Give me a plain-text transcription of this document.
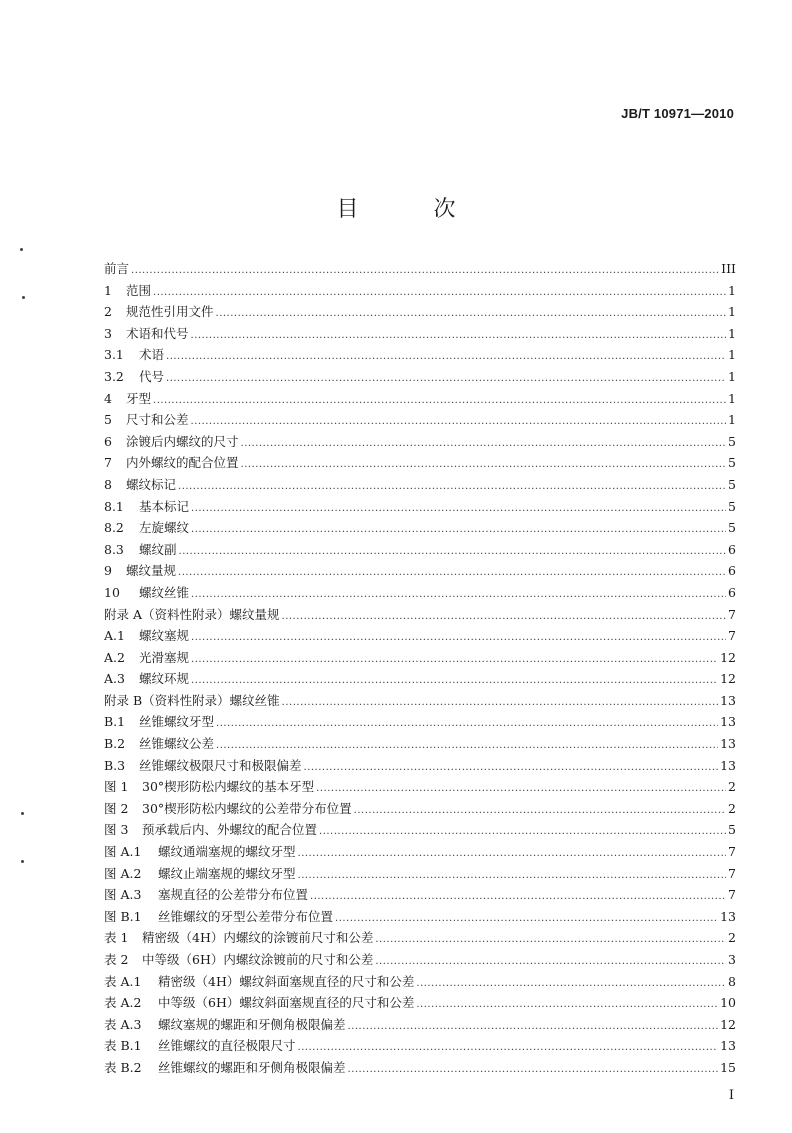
JB/T 10971—2010
目 次
前言 .....	III
1	范围 .....	1
2	规范性引用文件 .....	1
3	术语和代号 .....	1
3.1	术语 .....	1
3.2	代号 .....	1
4	牙型 .....	1
5	尺寸和公差 .....	1
6	涂镀后内螺纹的尺寸 .....	5
7	内外螺纹的配合位置 .....	5
8	螺纹标记 .....	5
8.1	基本标记 .....	5
8.2	左旋螺纹 .....	5
8.3	螺纹副 .....	6
9	螺纹量规 .....	6
10	螺纹丝锥 .....	6
附录 A（资料性附录）螺纹量规 .....	7
A.1	螺纹塞规 .....	7
A.2	光滑塞规 .....	12
A.3	螺纹环规 .....	12
附录 B（资料性附录）螺纹丝锥 .....	13
B.1	丝锥螺纹牙型 .....	13
B.2	丝锥螺纹公差 .....	13
B.3	丝锥螺纹极限尺寸和极限偏差 .....	13
图 1	30°楔形防松内螺纹的基本牙型 .....	2
图 2	30°楔形防松内螺纹的公差带分布位置 .....	2
图 3	预承载后内、外螺纹的配合位置 .....	5
图 A.1	螺纹通端塞规的螺纹牙型 .....	7
图 A.2	螺纹止端塞规的螺纹牙型 .....	7
图 A.3	塞规直径的公差带分布位置 .....	7
图 B.1	丝锥螺纹的牙型公差带分布位置 .....	13
表 1	精密级（4H）内螺纹的涂镀前尺寸和公差 .....	2
表 2	中等级（6H）内螺纹涂镀前的尺寸和公差 .....	3
表 A.1	精密级（4H）螺纹斜面塞规直径的尺寸和公差 .....	8
表 A.2	中等级（6H）螺纹斜面塞规直径的尺寸和公差 .....	10
表 A.3	螺纹塞规的螺距和牙侧角极限偏差 .....	12
表 B.1	丝锥螺纹的直径极限尺寸 .....	13
表 B.2	丝锥螺纹的螺距和牙侧角极限偏差 .....	15
I
